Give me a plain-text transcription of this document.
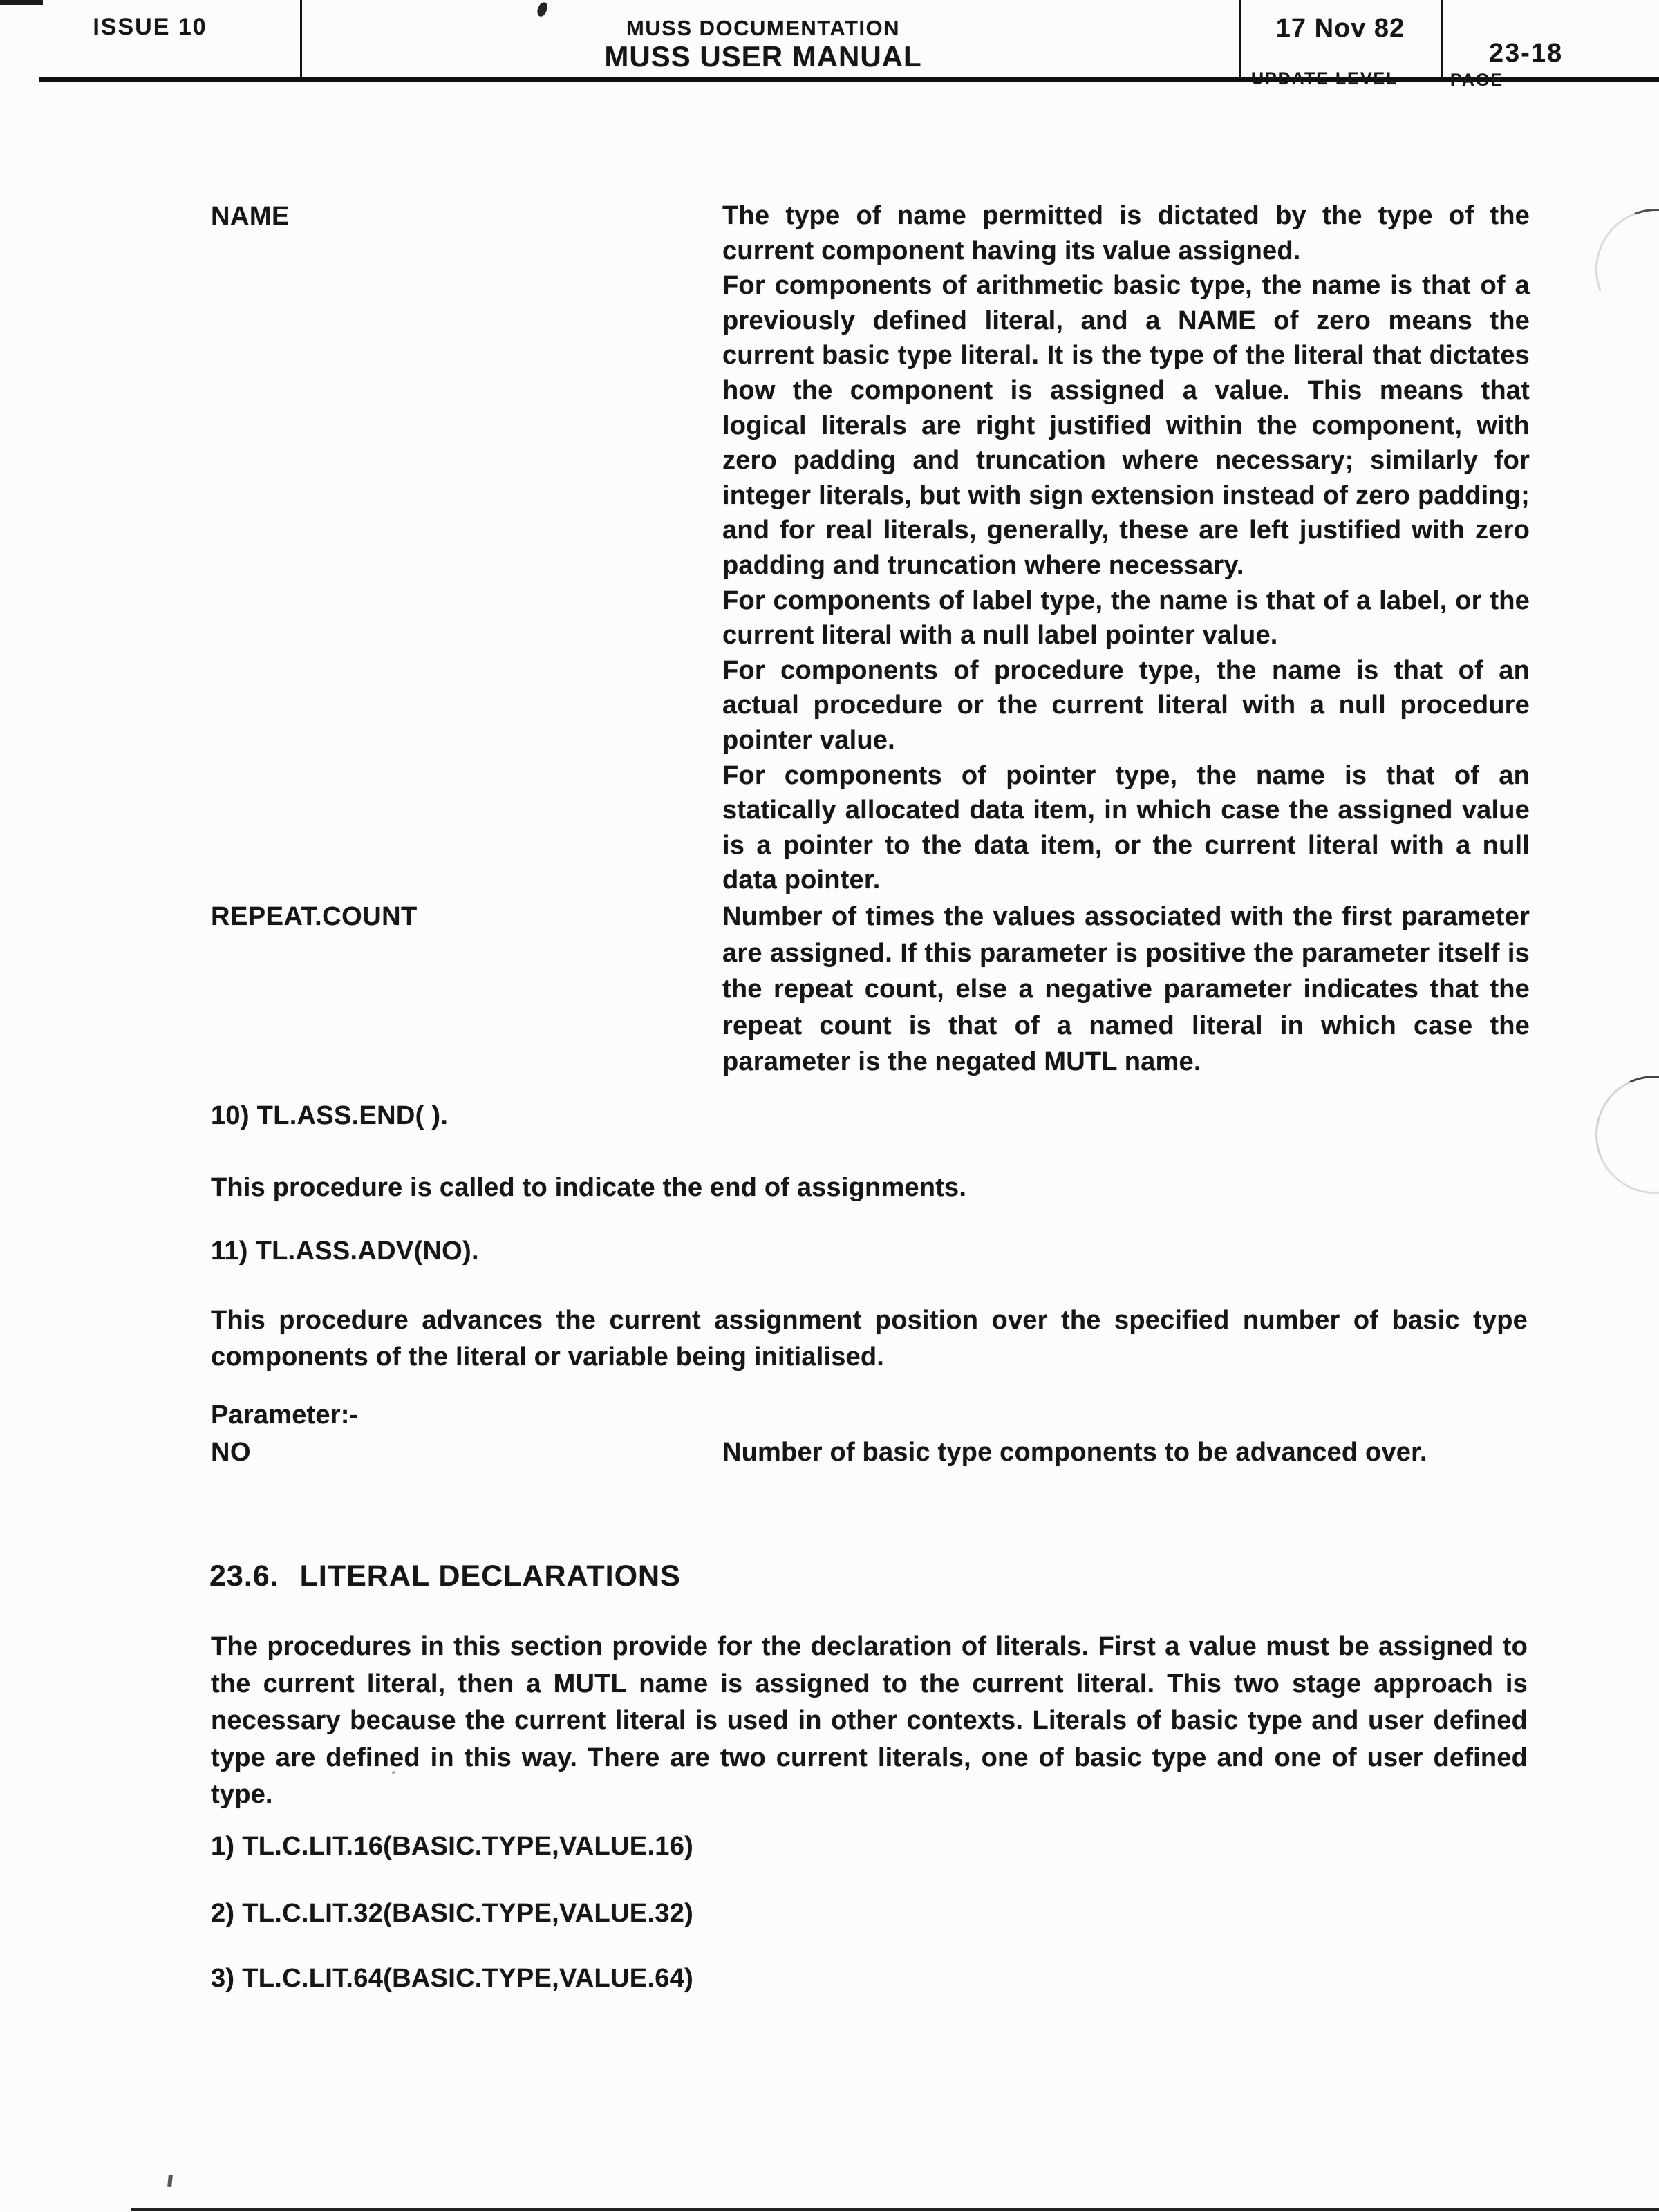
ISSUE 10	MUSS DOCUMENTATION
MUSS USER MANUAL
17 Nov 82
UPDATE LEVEL
23-18
PAGE
NAME	The type of name permitted is dictated by the type of the current component having its value assigned.

For components of arithmetic basic type, the name is that of a previously defined literal, and a NAME of zero means the current basic type literal. It is the type of the literal that dictates how the component is assigned a value. This means that logical literals are right justified within the component, with zero padding and truncation where necessary; similarly for integer literals, but with sign extension instead of zero padding; and for real literals, generally, these are left justified with zero padding and truncation where necessary.

For components of label type, the name is that of a label, or the current literal with a null label pointer value.

For components of procedure type, the name is that of an actual procedure or the current literal with a null procedure pointer value.

For components of pointer type, the name is that of an statically allocated data item, in which case the assigned value is a pointer to the data item, or the current literal with a null data pointer.

REPEAT.COUNT	Number of times the values associated with the first parameter are assigned. If this parameter is positive the parameter itself is the repeat count, else a negative parameter indicates that the repeat count is that of a named literal in which case the parameter is the negated MUTL name.

10) TL.ASS.END( ).
This procedure is called to indicate the end of assignments.
11) TL.ASS.ADV(NO).
This procedure advances the current assignment position over the specified number of basic type components of the literal or variable being initialised.
Parameter:-
NO	Number of basic type components to be advanced over.
23.6. LITERAL DECLARATIONS
The procedures in this section provide for the declaration of literals. First a value must be assigned to the current literal, then a MUTL name is assigned to the current literal. This two stage approach is necessary because the current literal is used in other contexts. Literals of basic type and user defined type are defined in this way. There are two current literals, one of basic type and one of user defined type.
1) TL.C.LIT.16(BASIC.TYPE,VALUE.16)
2) TL.C.LIT.32(BASIC.TYPE,VALUE.32)
3) TL.C.LIT.64(BASIC.TYPE,VALUE.64)
